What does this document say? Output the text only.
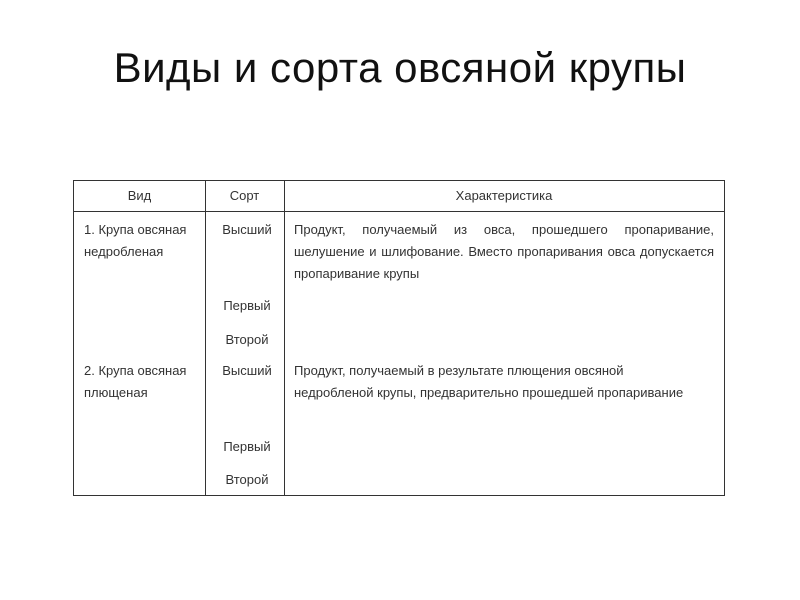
Виды и сорта овсяной крупы
Вид	Сорт	Характеристика
1. Крупа овсяная недробленая
Высший
Первый
Второй
Продукт, получаемый из овса, прошедшего пропаривание, шелушение и шлифование. Вместо пропаривания овса допускается пропаривание крупы
2. Крупа овсяная плющеная
Высший
Первый
Второй
Продукт, получаемый в результате плющения овсяной недробленой крупы, предварительно прошедшей пропаривание
